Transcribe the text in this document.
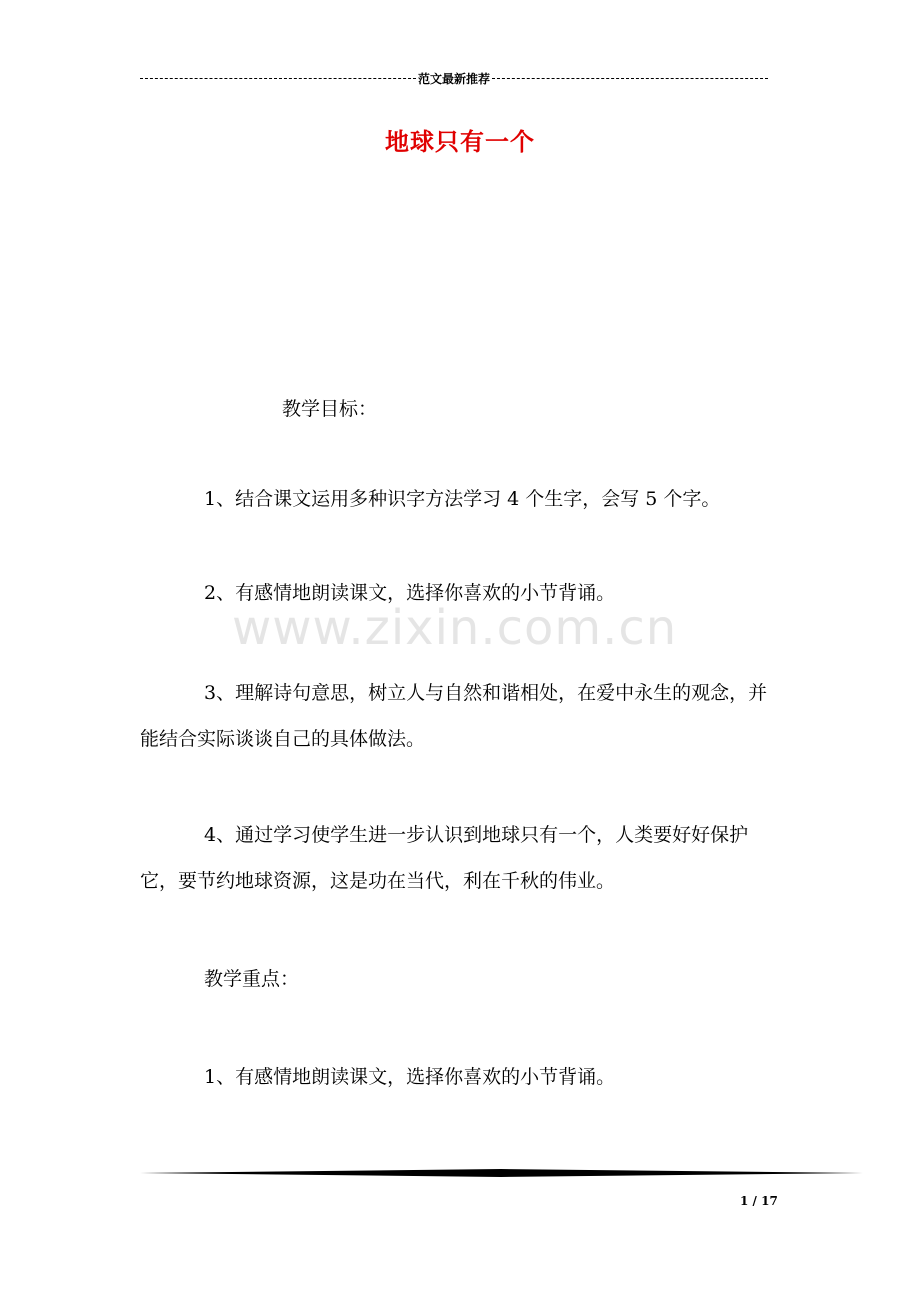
范文最新推荐
地球只有一个
教学目标：
1、结合课文运用多种识字方法学习 4 个生字，会写 5 个字。
2、有感情地朗读课文，选择你喜欢的小节背诵。
www.zixin.com.cn
3、理解诗句意思，树立人与自然和谐相处，在爱中永生的观念，并能结合实际谈谈自己的具体做法。
4、通过学习使学生进一步认识到地球只有一个，人类要好好保护它，要节约地球资源，这是功在当代，利在千秋的伟业。
教学重点：
1、有感情地朗读课文，选择你喜欢的小节背诵。
1 / 17
